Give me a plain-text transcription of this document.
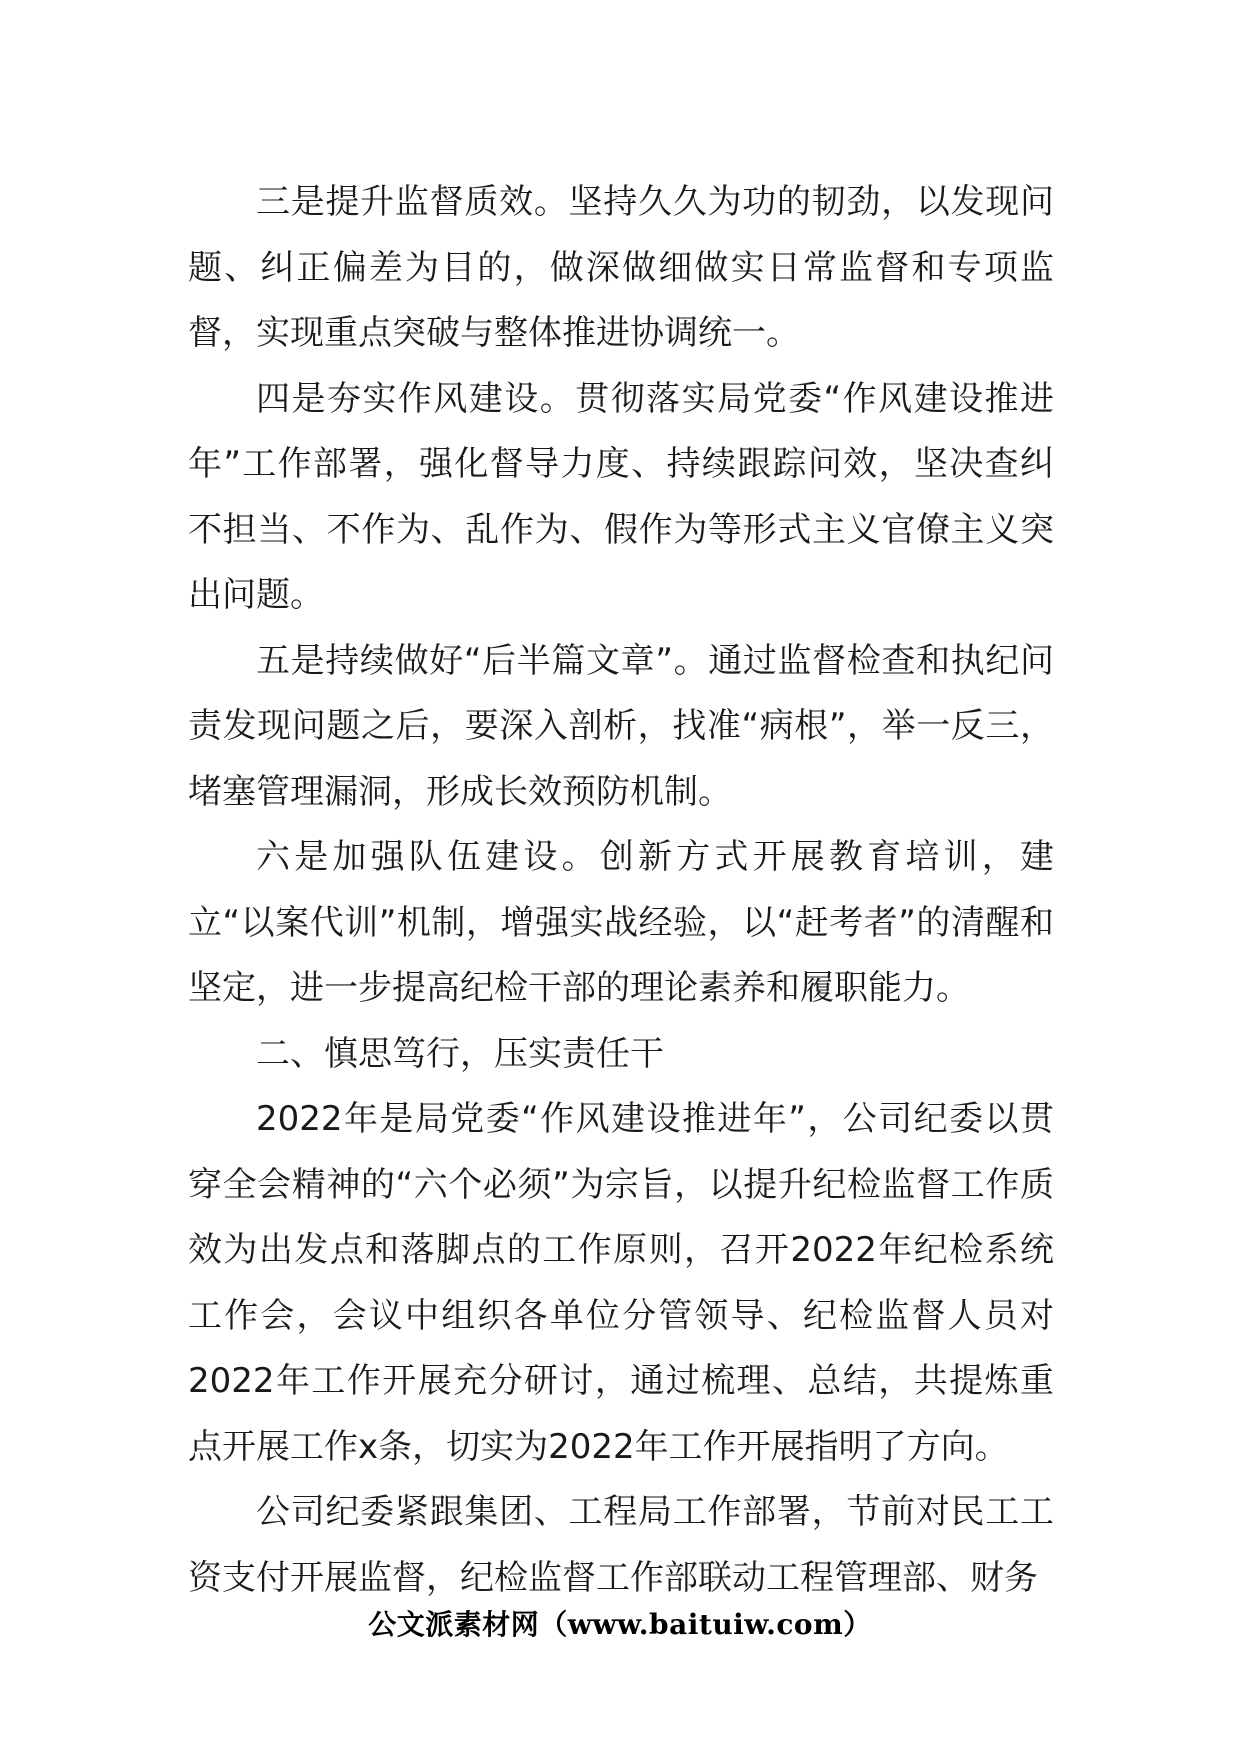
三是提升监督质效。坚持久久为功的韧劲，以发现问题、纠正偏差为目的，做深做细做实日常监督和专项监督，实现重点突破与整体推进协调统一。

四是夯实作风建设。贯彻落实局党委“作风建设推进年”工作部署，强化督导力度、持续跟踪问效，坚决查纠不担当、不作为、乱作为、假作为等形式主义官僚主义突出问题。

五是持续做好“后半篇文章”。通过监督检查和执纪问责发现问题之后，要深入剖析，找准“病根”，举一反三，堵塞管理漏洞，形成长效预防机制。

六是加强队伍建设。创新方式开展教育培训，建立“以案代训”机制，增强实战经验，以“赶考者”的清醒和坚定，进一步提高纪检干部的理论素养和履职能力。

二、慎思笃行，压实责任干

2022年是局党委“作风建设推进年”，公司纪委以贯穿全会精神的“六个必须”为宗旨，以提升纪检监督工作质效为出发点和落脚点的工作原则，召开2022年纪检系统工作会，会议中组织各单位分管领导、纪检监督人员对2022年工作开展充分研讨，通过梳理、总结，共提炼重点开展工作x条，切实为2022年工作开展指明了方向。

公司纪委紧跟集团、工程局工作部署，节前对民工工资支付开展监督，纪检监督工作部联动工程管理部、财务

公文派素材网（www.baituiw.com）
